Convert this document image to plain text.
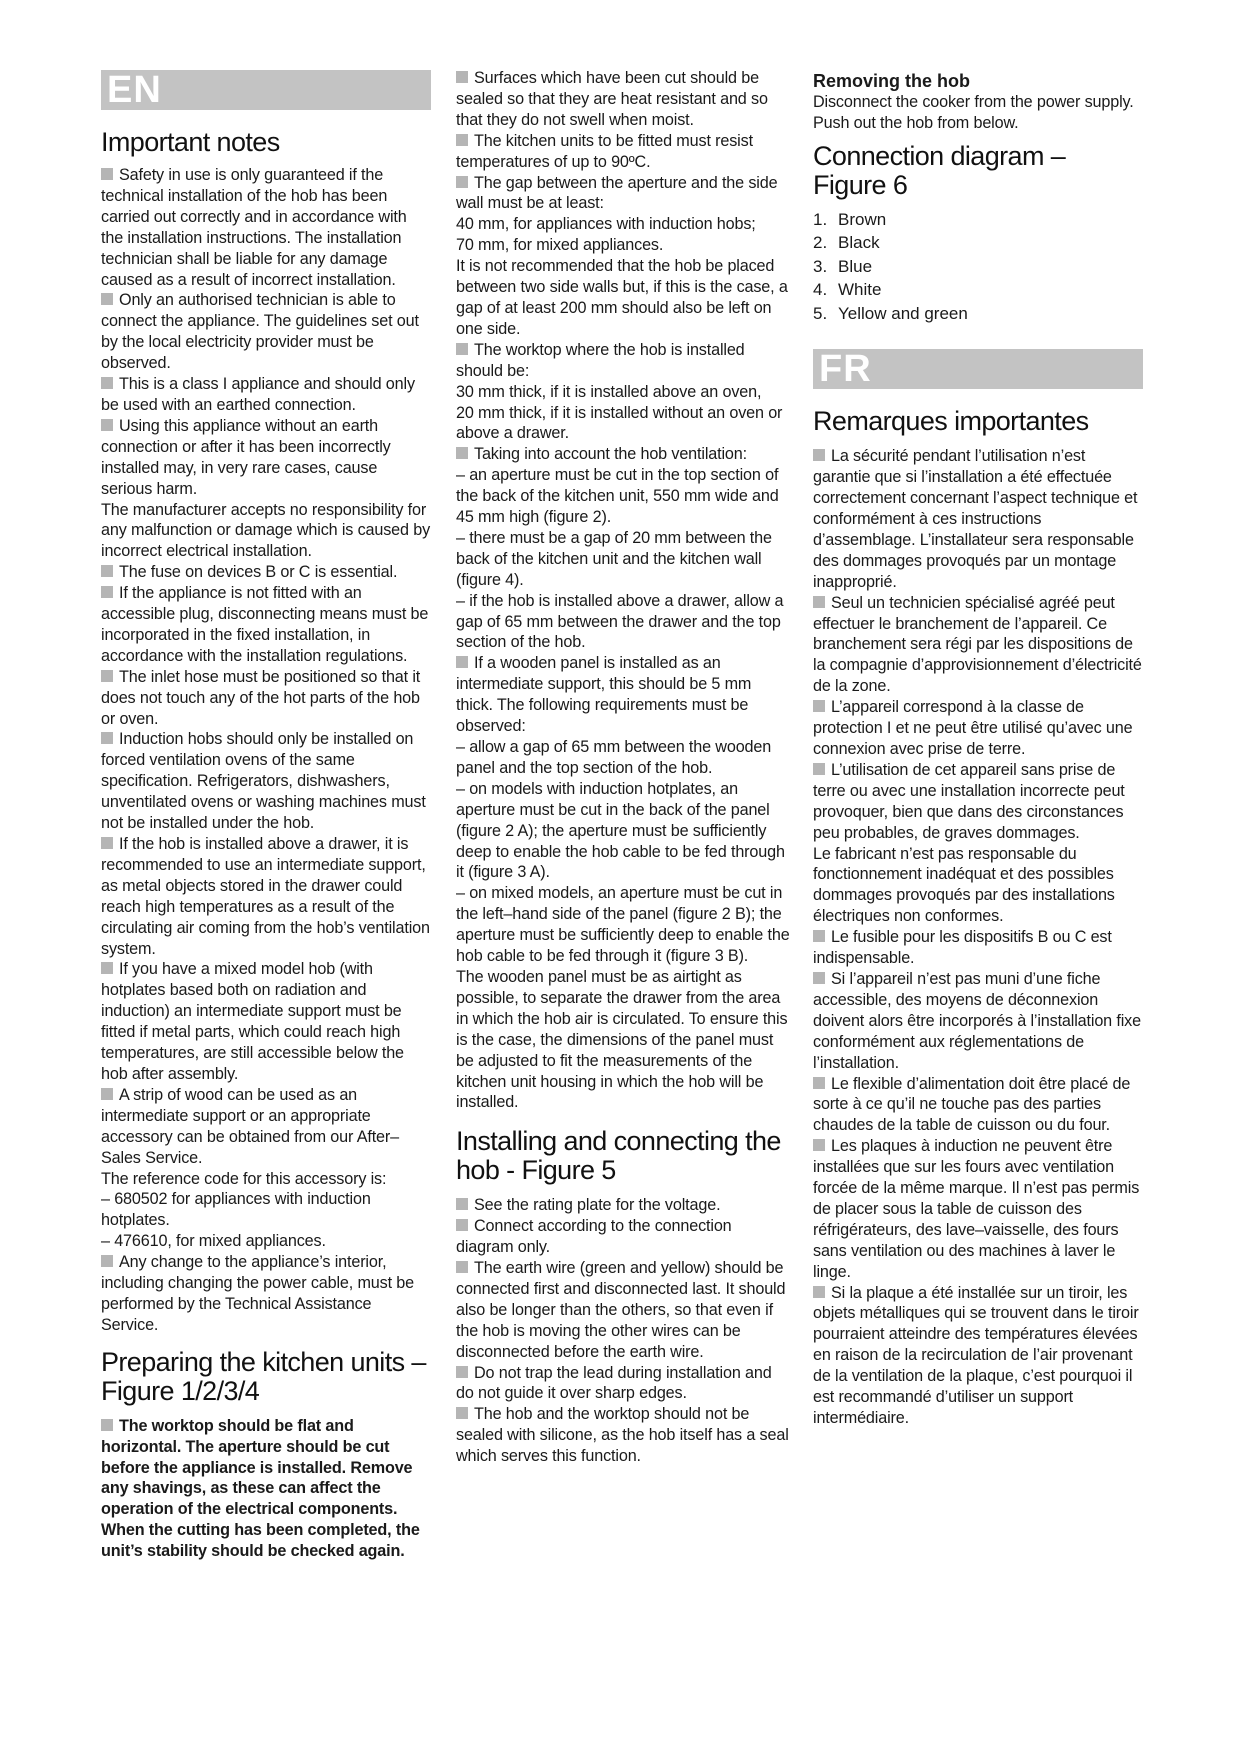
EN
Important notes

Safety in use is only guaranteed if the technical installation of the hob has been carried out correctly and in accordance with the installation instructions. The installation technician shall be liable for any damage caused as a result of incorrect installation.

Only an authorised technician is able to connect the appliance. The guidelines set out by the local electricity provider must be observed.

This is a class I appliance and should only be used with an earthed connection.

Using this appliance without an earth connection or after it has been incorrectly installed may, in very rare cases, cause serious harm.

The manufacturer accepts no responsibility for any malfunction or damage which is caused by incorrect electrical installation.

The fuse on devices B or C is essential.

If the appliance is not fitted with an accessible plug, disconnecting means must be incorporated in the fixed installation, in accordance with the installation regulations.

The inlet hose must be positioned so that it does not touch any of the hot parts of the hob or oven.

Induction hobs should only be installed on forced ventilation ovens of the same specification. Refrigerators, dishwashers, unventilated ovens or washing machines must not be installed under the hob.

If the hob is installed above a drawer, it is recommended to use an intermediate support, as metal objects stored in the drawer could reach high temperatures as a result of the circulating air coming from the hob’s ventilation system.

If you have a mixed model hob (with hotplates based both on radiation and induction) an intermediate support must be fitted if metal parts, which could reach high temperatures, are still accessible below the hob after assembly.

A strip of wood can be used as an intermediate support or an appropriate accessory can be obtained from our After–Sales Service.

The reference code for this accessory is:

– 680502 for appliances with induction hotplates.

– 476610, for mixed appliances.

Any change to the appliance’s interior, including changing the power cable, must be performed by the Technical Assistance Service.

Preparing the kitchen units – Figure 1/2/3/4

The worktop should be flat and horizontal. The aperture should be cut before the appliance is installed. Remove any shavings, as these can affect the operation of the electrical components. When the cutting has been completed, the unit’s stability should be checked again.

Surfaces which have been cut should be sealed so that they are heat resistant and so that they do not swell when moist.

The kitchen units to be fitted must resist temperatures of up to 90ºC.

The gap between the aperture and the side wall must be at least:

40 mm, for appliances with induction hobs;

70 mm, for mixed appliances.

It is not recommended that the hob be placed between two side walls but, if this is the case, a gap of at least 200 mm should also be left on one side.

The worktop where the hob is installed should be:

30 mm thick, if it is installed above an oven,

20 mm thick, if it is installed without an oven or above a drawer.

Taking into account the hob ventilation:

– an aperture must be cut in the top section of the back of the kitchen unit, 550 mm wide and 45 mm high (figure 2).

– there must be a gap of 20 mm between the back of the kitchen unit and the kitchen wall (figure 4).

– if the hob is installed above a drawer, allow a gap of 65 mm between the drawer and the top section of the hob.

If a wooden panel is installed as an intermediate support, this should be 5 mm thick. The following requirements must be observed:

– allow a gap of 65 mm between the wooden panel and the top section of the hob.

– on models with induction hotplates, an aperture must be cut in the back of the panel (figure 2 A); the aperture must be sufficiently deep to enable the hob cable to be fed through it (figure 3 A).

– on mixed models, an aperture must be cut in the left–hand side of the panel (figure 2 B); the aperture must be sufficiently deep to enable the hob cable to be fed through it (figure 3 B).

The wooden panel must be as airtight as possible, to separate the drawer from the area in which the hob air is circulated. To ensure this is the case, the dimensions of the panel must be adjusted to fit the measurements of the kitchen unit housing in which the hob will be installed.

Installing and connecting the hob - Figure 5

See the rating plate for the voltage.

Connect according to the connection diagram only.

The earth wire (green and yellow) should be connected first and disconnected last. It should also be longer than the others, so that even if the hob is moving the other wires can be disconnected before the earth wire.

Do not trap the lead during installation and do not guide it over sharp edges.

The hob and the worktop should not be sealed with silicone, as the hob itself has a seal which serves this function.

Removing the hob

Disconnect the cooker from the power supply.

Push out the hob from below.

Connection diagram – Figure 6
1. Brown
2. Black
3. Blue
4. White
5. Yellow and green
FR
Remarques importantes

La sécurité pendant l’utilisation n’est garantie que si l’installation a été effectuée correctement concernant l’aspect technique et conformément à ces instructions d’assemblage. L’installateur sera responsable des dommages provoqués par un montage inapproprié.

Seul un technicien spécialisé agréé peut effectuer le branchement de l’appareil. Ce branchement sera régi par les dispositions de la compagnie d’approvisionnement d’électricité de la zone.

L’appareil correspond à la classe de protection I et ne peut être utilisé qu’avec une connexion avec prise de terre.

L’utilisation de cet appareil sans prise de terre ou avec une installation incorrecte peut provoquer, bien que dans des circonstances peu probables, de graves dommages.

Le fabricant n’est pas responsable du fonctionnement inadéquat et des possibles dommages provoqués par des installations électriques non conformes.

Le fusible pour les dispositifs B ou C est indispensable.

Si l’appareil n’est pas muni d’une fiche accessible, des moyens de déconnexion doivent alors être incorporés à l’installation fixe conformément aux réglementations de l’installation.

Le flexible d’alimentation doit être placé de sorte à ce qu’il ne touche pas des parties chaudes de la table de cuisson ou du four.

Les plaques à induction ne peuvent être installées que sur les fours avec ventilation forcée de la même marque. Il n’est pas permis de placer sous la table de cuisson des réfrigérateurs, des lave–vaisselle, des fours sans ventilation ou des machines à laver le linge.

Si la plaque a été installée sur un tiroir, les objets métalliques qui se trouvent dans le tiroir pourraient atteindre des températures élevées en raison de la recirculation de l’air provenant de la ventilation de la plaque, c’est pourquoi il est recommandé d’utiliser un support intermédiaire.
